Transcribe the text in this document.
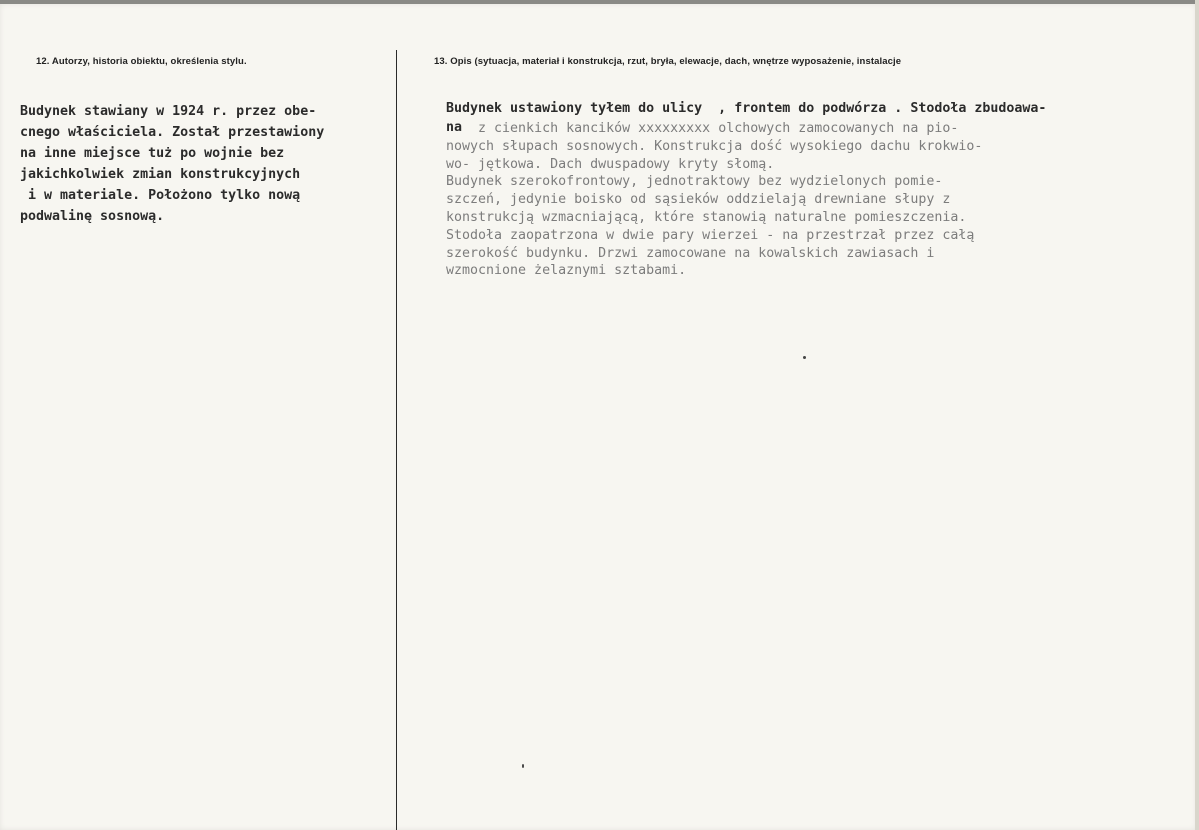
12. Autorzy, historia obiektu, określenia stylu.	13. Opis (sytuacja, materiał i konstrukcja, rzut, bryła, elewacje, dach, wnętrze wyposażenie, instalacje
Budynek stawiany w 1924 r. przez obe-
cnego właściciela. Został przestawiony
na inne miejsce tuż po wojnie bez
jakichkolwiek zmian konstrukcyjnych
i w materiale. Położono tylko nową
podwalinę sosnową.
Budynek ustawiony tyłem do ulicy  , frontem do podwórza . Stodoła zbudoawa-
na z cienkich kancików xxxxxxxxx olchowych zamocowanych na pio-
nowych słupach sosnowych. Konstrukcja dość wysokiego dachu krokwio-
wo- jętkowa. Dach dwuspadowy kryty słomą.
Budynek szerokofrontowy, jednotraktowy bez wydzielonych pomie-
szczeń, jedynie boisko od sąsieków oddzielają drewniane słupy z
konstrukcją wzmacniającą, które stanowią naturalne pomieszczenia.
Stodoła zaopatrzona w dwie pary wierzei - na przestrzał przez całą
szerokość budynku. Drzwi zamocowane na kowalskich zawiasach i
wzmocnione żelaznymi sztabami.
